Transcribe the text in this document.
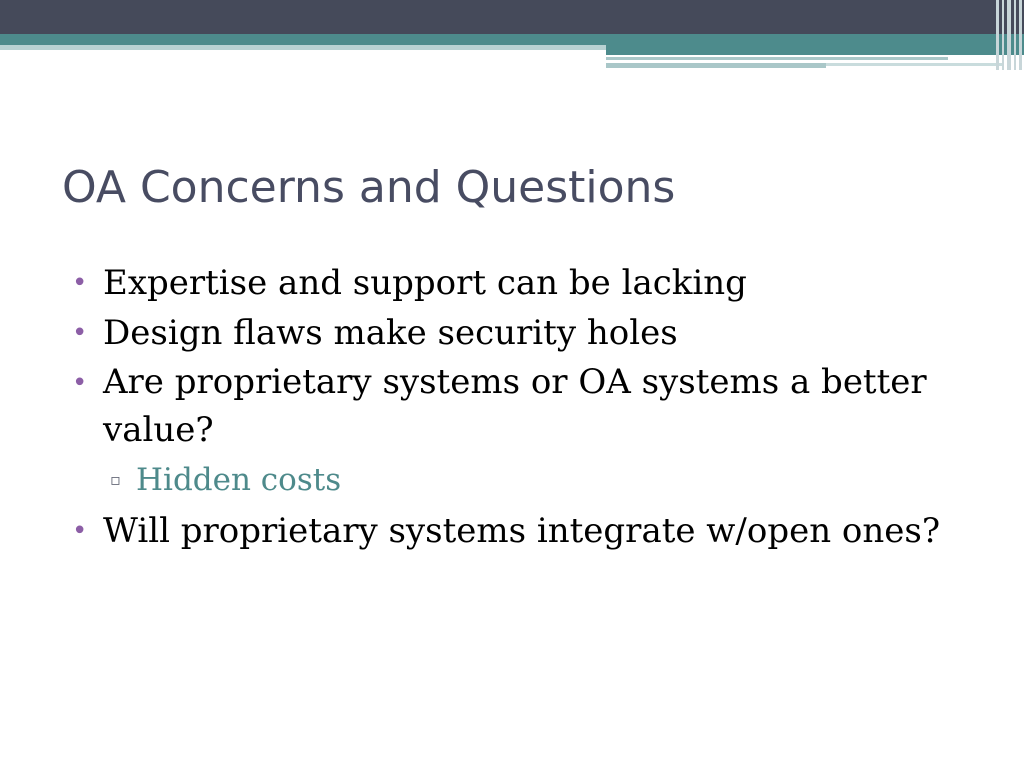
OA Concerns and Questions

• Expertise and support can be lacking

• Design flaws make security holes

• Are proprietary systems or OA systems a better value?

▫ Hidden costs

• Will proprietary systems integrate w/open ones?
